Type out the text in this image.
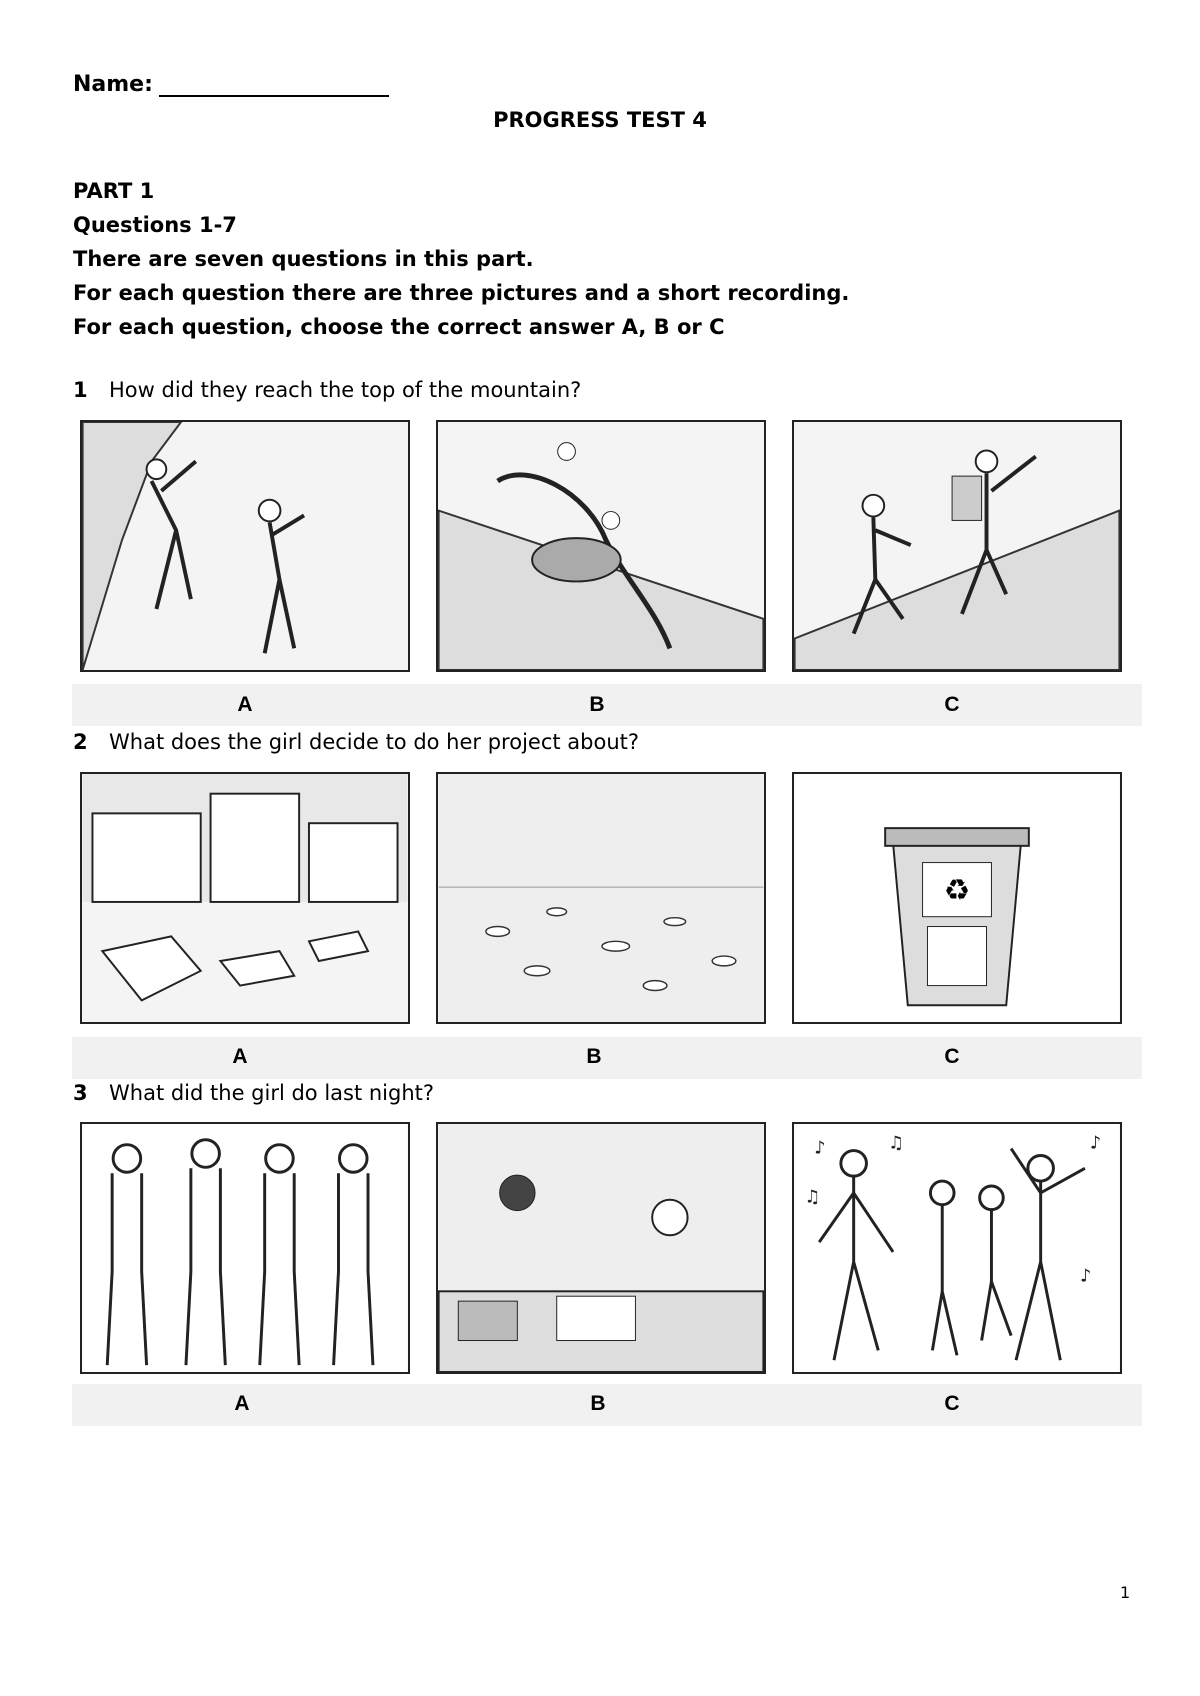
Name:
PROGRESS TEST 4
PART 1
Questions 1-7
There are seven questions in this part.
For each question there are three pictures and a short recording.
For each question, choose the correct answer A, B or C
1 How did they reach the top of the mountain?
A	B	C
2 What does the girl decide to do her project about?
♻
A	B	C
3 What did the girl do last night?
♪	♫	♪
♪
♫
A	B	C
1
